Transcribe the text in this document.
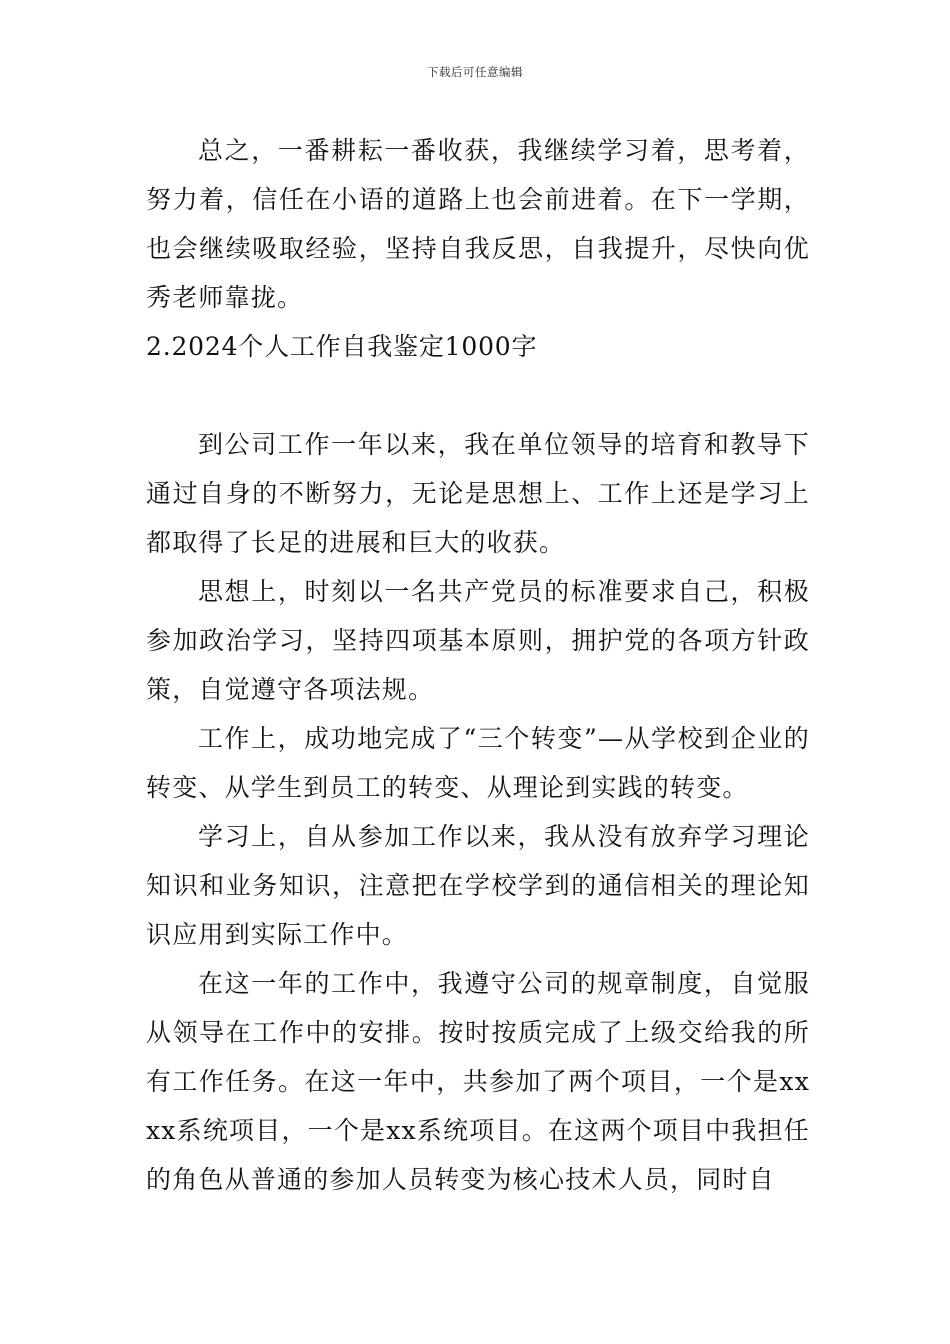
下载后可任意编辑

总之，一番耕耘一番收获，我继续学习着，思考着，努力着，信任在小语的道路上也会前进着。在下一学期，也会继续吸取经验，坚持自我反思，自我提升，尽快向优秀老师靠拢。

2.2024个人工作自我鉴定1000字

到公司工作一年以来，我在单位领导的培育和教导下通过自身的不断努力，无论是思想上、工作上还是学习上都取得了长足的进展和巨大的收获。

思想上，时刻以一名共产党员的标准要求自己，积极参加政治学习，坚持四项基本原则，拥护党的各项方针政策，自觉遵守各项法规。

工作上，成功地完成了“三个转变”—从学校到企业的转变、从学生到员工的转变、从理论到实践的转变。

学习上，自从参加工作以来，我从没有放弃学习理论知识和业务知识，注意把在学校学到的通信相关的理论知识应用到实际工作中。

在这一年的工作中，我遵守公司的规章制度，自觉服从领导在工作中的安排。按时按质完成了上级交给我的所有工作任务。在这一年中，共参加了两个项目，一个是xxxx系统项目，一个是xx系统项目。在这两个项目中我担任的角色从普通的参加人员转变为核心技术人员，同时自
